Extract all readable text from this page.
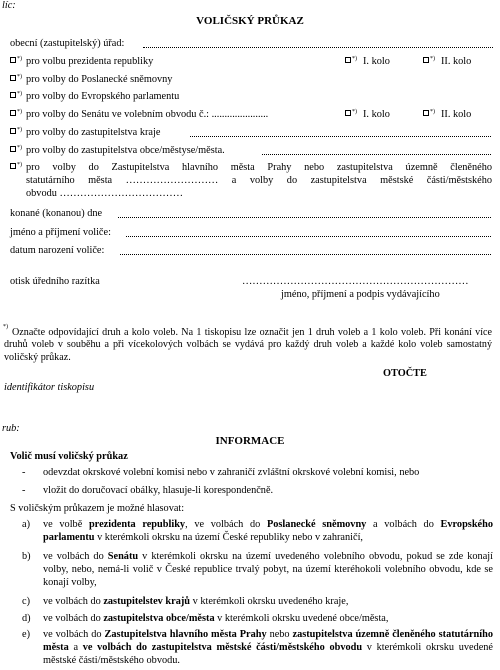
líc:
VOLIČSKÝ PRŮKAZ
obecní (zastupitelský) úřad:
*) pro volbu prezidenta republiky	*) I. kolo	*) II. kolo
*) pro volby do Poslanecké sněmovny
*) pro volby do Evropského parlamentu
*) pro volby do Senátu ve volebním obvodu č.: ......................	*) I. kolo	*) II. kolo
*) pro volby do zastupitelstva kraje
*) pro volby do zastupitelstva obce/městyse/města.
*) pro volby do Zastupitelstva hlavního města Prahy nebo zastupitelstva územně členěného
statutárního města ……………………… a volby do zastupitelstva městské části/městského
obvodu ………………………………
konané (konanou) dne
jméno a příjmení voliče:
datum narození voliče:
otisk úředního razítka	…………………………………………………………
jméno, příjmení a podpis vydávajícího
*) Označte odpovídající druh a kolo voleb. Na 1 tiskopisu lze označit jen 1 druh voleb a 1 kolo voleb. Při konání více druhů voleb v souběhu a při vícekolových volbách se vydává pro každý druh voleb a každé kolo voleb samostatný voličský průkaz.
OTOČTE
identifikátor tiskopisu
rub:
INFORMACE
Volič musí voličský průkaz
- odevzdat okrskové volební komisi nebo v zahraničí zvláštní okrskové volební komisi, nebo
- vložit do doručovací obálky, hlasuje-li korespondenčně.
S voličským průkazem je možné hlasovat:
a) ve volbě prezidenta republiky, ve volbách do Poslanecké sněmovny a volbách do Evropského parlamentu v kterémkoli okrsku na území České republiky nebo v zahraničí,
b) ve volbách do Senátu v kterémkoli okrsku na území uvedeného volebního obvodu, pokud se zde konají volby, nebo, nemá-li volič v České republice trvalý pobyt, na území kteréhokoli volebního obvodu, kde se konají volby,
c) ve volbách do zastupitelstev krajů v kterémkoli okrsku uvedeného kraje,
d) ve volbách do zastupitelstva obce/města v kterémkoli okrsku uvedené obce/města,
e) ve volbách do Zastupitelstva hlavního města Prahy nebo zastupitelstva územně členěného statutárního města a ve volbách do zastupitelstva městské části/městského obvodu v kterémkoli okrsku uvedené městské části/městského obvodu.
